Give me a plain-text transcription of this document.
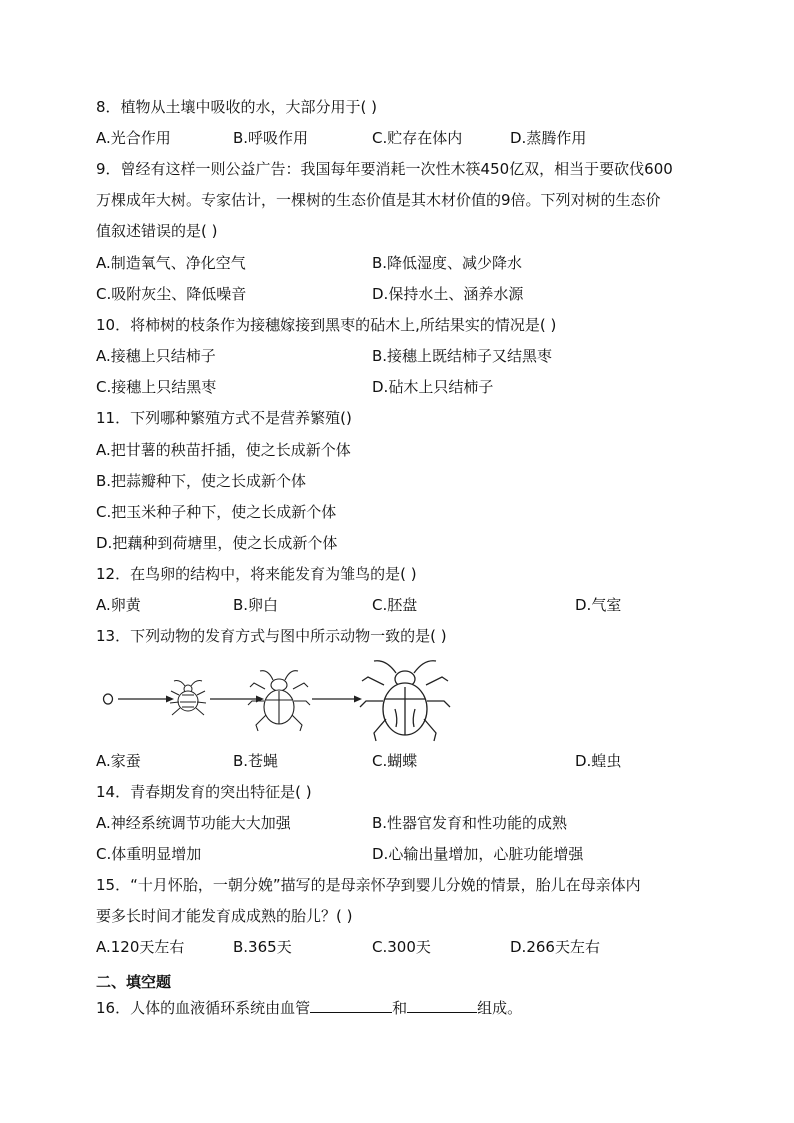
8．植物从土壤中吸收的水，大部分用于( )
A.光合作用	B.呼吸作用	C.贮存在体内	D.蒸腾作用
9．曾经有这样一则公益广告：我国每年要消耗一次性木筷450亿双，相当于要砍伐600
万棵成年大树。专家估计，一棵树的生态价值是其木材价值的9倍。下列对树的生态价
值叙述错误的是( )
A.制造氧气、净化空气	B.降低湿度、减少降水
C.吸附灰尘、降低噪音	D.保持水土、涵养水源
10．将柿树的枝条作为接穗嫁接到黑枣的砧木上,所结果实的情况是( )
A.接穗上只结柿子	B.接穗上既结柿子又结黑枣
C.接穗上只结黑枣	D.砧木上只结柿子
11．下列哪种繁殖方式不是营养繁殖()
A.把甘薯的秧苗扦插，使之长成新个体
B.把蒜瓣种下，使之长成新个体
C.把玉米种子种下，使之长成新个体
D.把藕种到荷塘里，使之长成新个体
12．在鸟卵的结构中，将来能发育为雏鸟的是( )
A.卵黄	B.卵白	C.胚盘	D.气室
13．下列动物的发育方式与图中所示动物一致的是( )
A.家蚕	B.苍蝇	C.蝴蝶	D.蝗虫
14．青春期发育的突出特征是( )
A.神经系统调节功能大大加强	B.性器官发育和性功能的成熟
C.体重明显增加	D.心输出量增加，心脏功能增强
15．“十月怀胎，一朝分娩”描写的是母亲怀孕到婴儿分娩的情景，胎儿在母亲体内
要多长时间才能发育成成熟的胎儿？( )
A.120天左右	B.365天	C.300天	D.266天左右
二、填空题
16．人体的血液循环系统由血管	和	组成。
